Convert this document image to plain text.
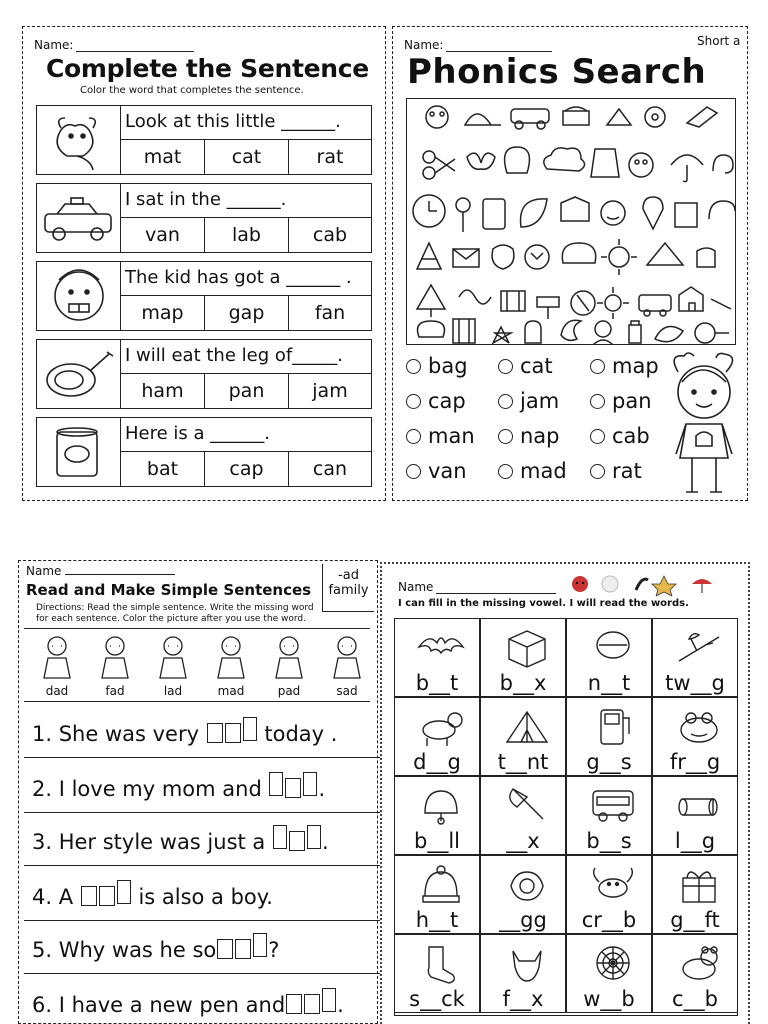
Name:
Complete the Sentence
Color the word that completes the sentence.
Look at this little ______.
mat	cat	rat
I sat in the ______.
van	lab	cab
The kid has got a ______ .
map	gap	fan
I will eat the leg of_____.
ham	pan	jam
Here is a ______.
bat	cap	can
Name:	Short a
Phonics Search
bag	cat	map
cap	jam	pan
man	nap	cab
van	mad	rat
Name
Read and Make Simple Sentences
-ad family
Directions: Read the simple sentence. Write the missing word for each sentence. Color the picture after you use the word.
dad	fad	lad	mad	pad	sad
1. She was very  today .
2. I love my mom and .
3. Her style was just a .
4. A  is also a boy.
5. Why was he so ?
6. I have a new pen and .
Name
I can fill in the missing vowel. I will read the words.
b__t	b__x	n__t	tw__g
d__g	t__nt	g__s	fr__g
b__ll	__x	b__s	l__g
h__t	__gg	cr__b	g__ft
s__ck	f__x	w__b	c__b
